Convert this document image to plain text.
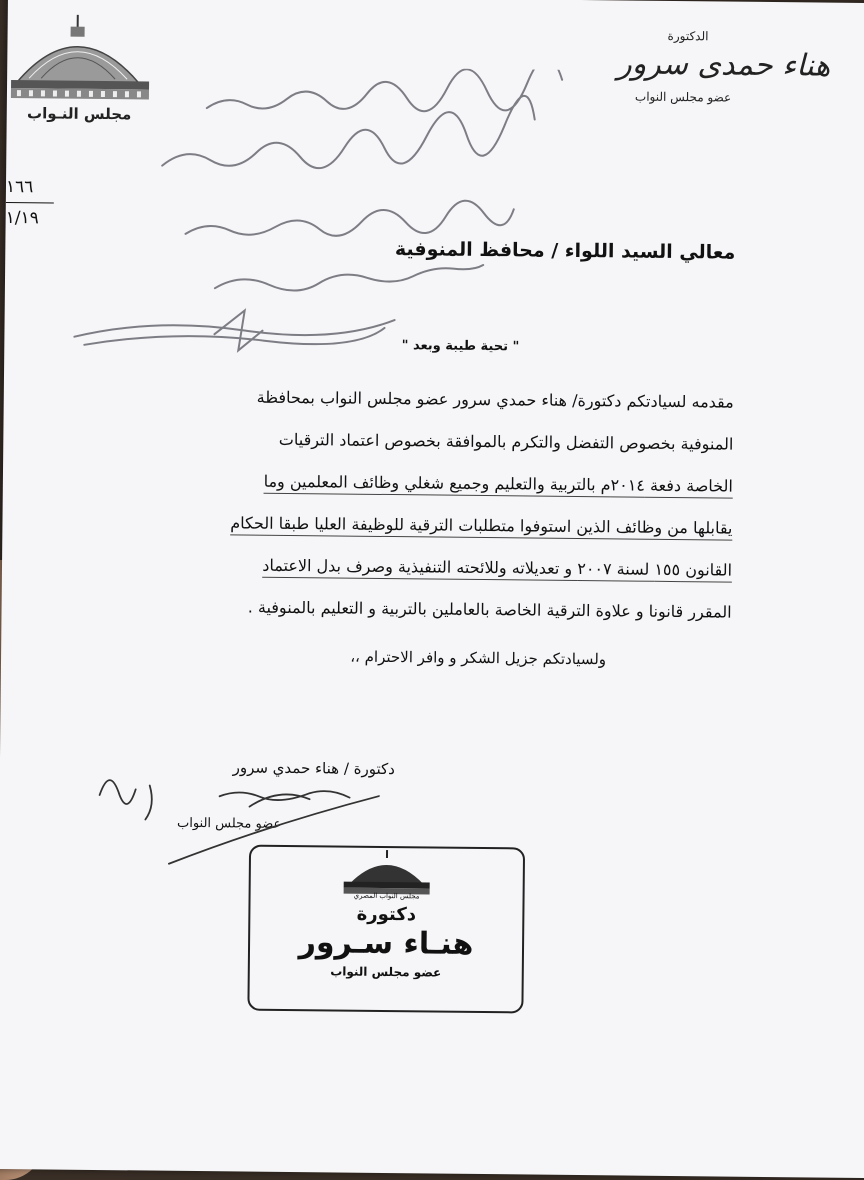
مجلس النـواب
١٦٦
١/١٩
الدكتورة
هناء حمدى سرور
عضو مجلس النواب
معالي السيد اللواء / محافظ المنوفية
" تحية طيبة وبعد "

مقدمه لسيادتكم دكتورة/ هناء حمدي سرور عضو مجلس النواب بمحافظة

المنوفية بخصوص التفضل والتكرم بالموافقة بخصوص اعتماد الترقيات

الخاصة دفعة ٢٠١٤م بالتربية والتعليم وجميع شغلي وظائف المعلمين وما

يقابلها من وظائف الذين استوفوا متطلبات الترقية للوظيفة العليا طبقا الحكام

القانون ١٥٥ لسنة ٢٠٠٧ و تعديلاته وللائحته التنفيذية وصرف بدل الاعتماد

المقرر قانونا و علاوة الترقية الخاصة بالعاملين بالتربية و التعليم بالمنوفية .

ولسيادتكم جزيل الشكر و وافر الاحترام ،،
دكتورة / هناء حمدي سرور
عضو مجلس النواب
مجلس النواب المصري
دكتورة
هنـاء سـرور
عضو مجلس النواب
